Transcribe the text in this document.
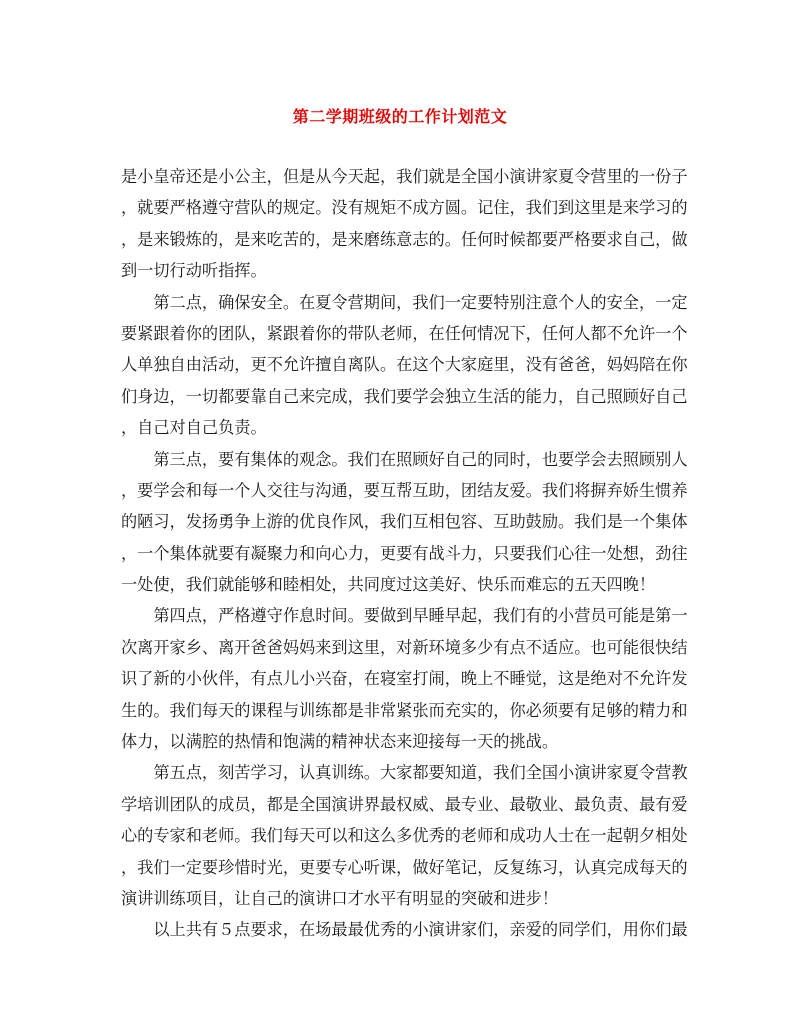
第二学期班级的工作计划范文
是小皇帝还是小公主，但是从今天起，我们就是全国小演讲家夏令营里的一份子
，就要严格遵守营队的规定。没有规矩不成方圆。记住，我们到这里是来学习的
，是来锻炼的，是来吃苦的，是来磨练意志的。任何时候都要严格要求自己，做
到一切行动听指挥。
　　第二点，确保安全。在夏令营期间，我们一定要特别注意个人的安全，一定
要紧跟着你的团队，紧跟着你的带队老师，在任何情况下，任何人都不允许一个
人单独自由活动，更不允许擅自离队。在这个大家庭里，没有爸爸，妈妈陪在你
们身边，一切都要靠自己来完成，我们要学会独立生活的能力，自己照顾好自己
，自己对自己负责。
　　第三点，要有集体的观念。我们在照顾好自己的同时，也要学会去照顾别人
，要学会和每一个人交往与沟通，要互帮互助，团结友爱。我们将摒弃娇生惯养
的陋习，发扬勇争上游的优良作风，我们互相包容、互助鼓励。我们是一个集体
，一个集体就要有凝聚力和向心力，更要有战斗力，只要我们心往一处想，劲往
一处使，我们就能够和睦相处，共同度过这美好、快乐而难忘的五天四晚！
　　第四点，严格遵守作息时间。要做到早睡早起，我们有的小营员可能是第一
次离开家乡、离开爸爸妈妈来到这里，对新环境多少有点不适应。也可能很快结
识了新的小伙伴，有点儿小兴奋，在寝室打闹，晚上不睡觉，这是绝对不允许发
生的。我们每天的课程与训练都是非常紧张而充实的，你必须要有足够的精力和
体力，以满腔的热情和饱满的精神状态来迎接每一天的挑战。
　　第五点，刻苦学习，认真训练。大家都要知道，我们全国小演讲家夏令营教
学培训团队的成员，都是全国演讲界最权威、最专业、最敬业、最负责、最有爱
心的专家和老师。我们每天可以和这么多优秀的老师和成功人士在一起朝夕相处
，我们一定要珍惜时光，更要专心听课，做好笔记，反复练习，认真完成每天的
演讲训练项目，让自己的演讲口才水平有明显的突破和进步！
　　以上共有５点要求，在场最最优秀的小演讲家们，亲爱的同学们，用你们最
